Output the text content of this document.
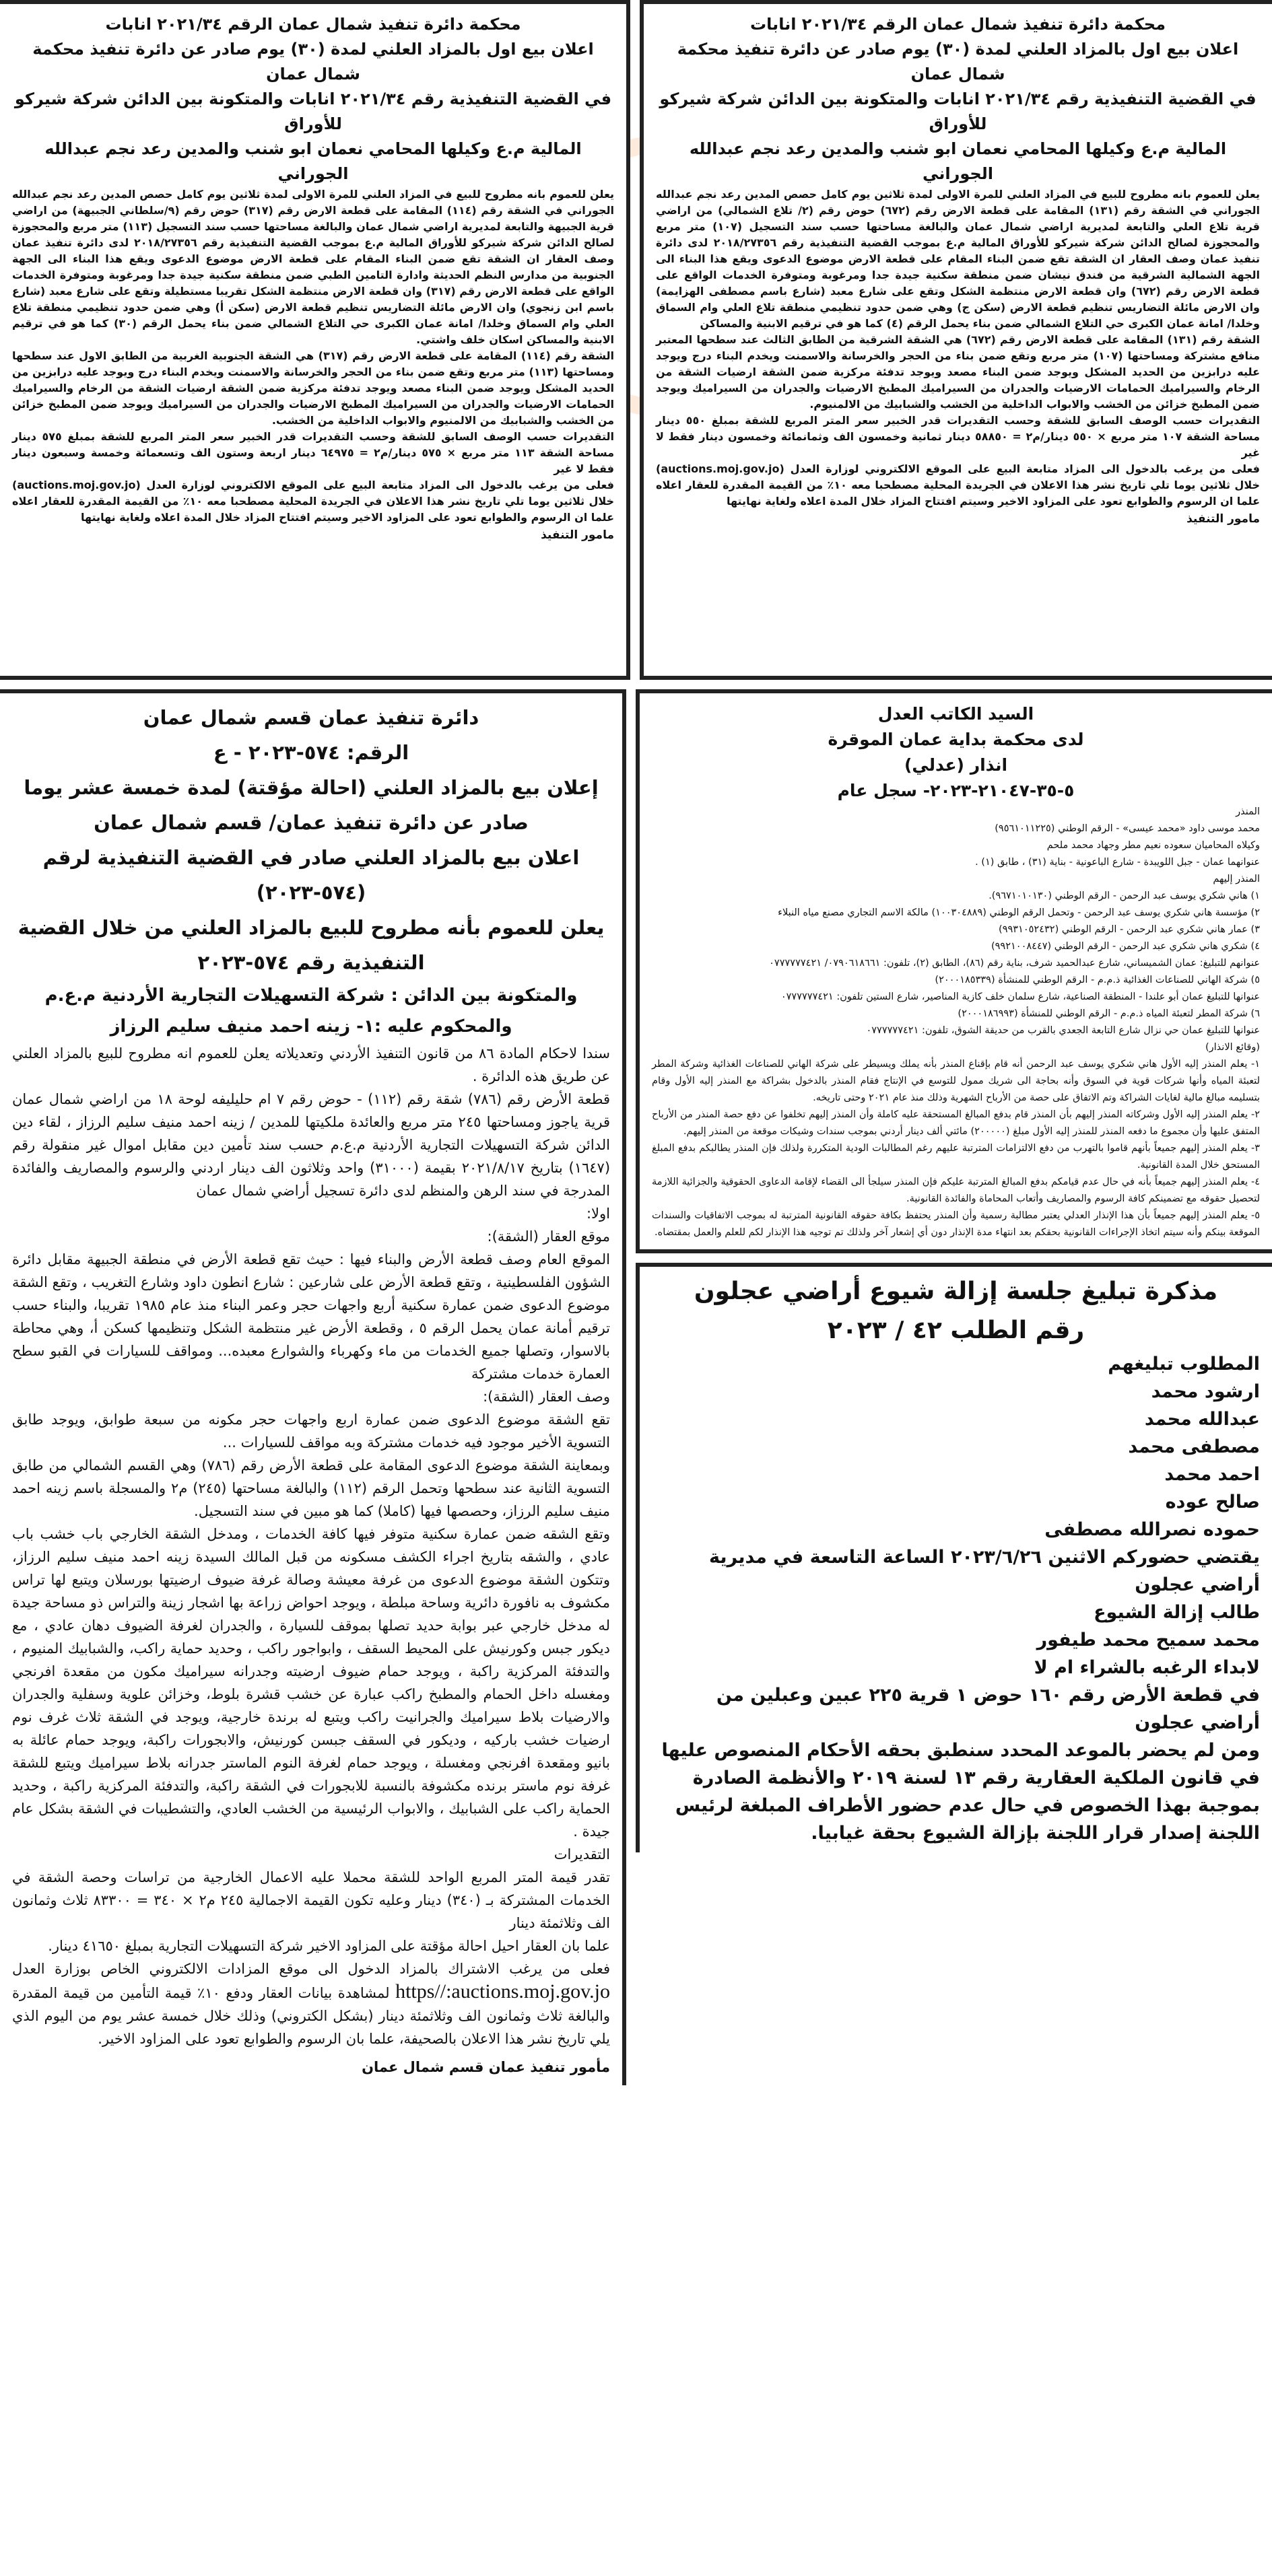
محكمة دائرة تنفيذ شمال عمان الرقم ٢٠٢١/٣٤ انابات
اعلان بيع اول بالمزاد العلني لمدة (٣٠) يوم صادر عن دائرة تنفيذ محكمة شمال عمان
في القضية التنفيذية رقم ٢٠٢١/٣٤ انابات والمتكونة بين الدائن شركة شيركو للأوراق
المالية م.ع وكيلها المحامي نعمان ابو شنب والمدين رعد نجم عبدالله الجوراني

يعلن للعموم بانه مطروح للبيع في المزاد العلني للمرة الاولى لمدة ثلاثين يوم كامل حصص المدين رعد نجم عبدالله الجوراني في الشقة رقم (١٣١) المقامة على قطعة الارض رقم (٦٧٢) حوض رقم (٢/ تلاع الشمالي) من اراضي قرية تلاع العلي والتابعة لمديرية اراضي شمال عمان والبالغة مساحتها حسب سند التسجيل (١٠٧) متر مربع والمحجوزة لصالح الدائن شركة شيركو للأوراق المالية م.ع بموجب القضية التنفيذية رقم ٢٠١٨/٢٧٣٥٦ لدى دائرة تنفيذ عمان وصف العقار ان الشقة تقع ضمن البناء المقام على قطعة الارض موضوع الدعوى ويقع هذا البناء الى الجهة الشمالية الشرقية من فندق نيشان ضمن منطقة سكنية جيدة جدا ومرغوبة ومتوفرة الخدمات الواقع على قطعة الارض رقم (٦٧٢) وان قطعة الارض منتظمة الشكل وتقع على شارع معبد (شارع باسم مصطفى الهزايمة) وان الارض مائلة التضاريس تنظيم قطعة الارض (سكن ج) وهي ضمن حدود تنظيمي منطقة تلاع العلي وام السماق وخلدا/ امانة عمان الكبرى حي التلاع الشمالي ضمن بناء يحمل الرقم (٤) كما هو في ترقيم الابنية والمساكن

الشقة رقم (١٣١) المقامة على قطعة الارض رقم (٦٧٢) هي الشقة الشرقية من الطابق الثالث عند سطحها المعتبر منافع مشتركة ومساحتها (١٠٧) متر مربع وتقع ضمن بناء من الحجر والخرسانة والاسمنت ويخدم البناء درج ويوجد عليه درابزين من الحديد المشكل ويوجد ضمن البناء مصعد ويوجد تدفئة مركزية ضمن الشقة ارضيات الشقة من الرخام والسيراميك الحمامات الارضيات والجدران من السيراميك المطبخ الارضيات والجدران من السيراميك ويوجد ضمن المطبخ خزائن من الخشب والابواب الداخلية من الخشب والشبابيك من الالمنيوم.

التقديرات حسب الوصف السابق للشقة وحسب التقديرات قدر الخبير سعر المتر المربع للشقة بمبلغ ٥٥٠ دينار مساحة الشقة ١٠٧ متر مربع × ٥٥٠ دينار/م٢ = ٥٨٨٥٠ دينار ثمانية وخمسون الف وثمانمائة وخمسون دينار فقط لا غير

فعلى من يرغب بالدخول الى المزاد متابعة البيع على الموقع الالكتروني لوزارة العدل (auctions.moj.gov.jo) خلال ثلاثين يوما تلي تاريخ نشر هذا الاعلان في الجريدة المحلية مصطحبا معه ١٠٪ من القيمة المقدرة للعقار اعلاه علما ان الرسوم والطوابع تعود على المزاود الاخير وسيتم افتتاح المزاد خلال المدة اعلاه ولغاية نهايتها

مامور التنفيذ
محكمة دائرة تنفيذ شمال عمان الرقم ٢٠٢١/٣٤ انابات
اعلان بيع اول بالمزاد العلني لمدة (٣٠) يوم صادر عن دائرة تنفيذ محكمة شمال عمان
في القضية التنفيذية رقم ٢٠٢١/٣٤ انابات والمتكونة بين الدائن شركة شيركو للأوراق
المالية م.ع وكيلها المحامي نعمان ابو شنب والمدين رعد نجم عبدالله الجوراني

يعلن للعموم بانه مطروح للبيع في المزاد العلني للمرة الاولى لمدة ثلاثين يوم كامل حصص المدين رعد نجم عبدالله الجوراني في الشقة رقم (١١٤) المقامة على قطعة الارض رقم (٣١٧) حوض رقم (٩/سلطاني الجبيهة) من اراضي قرية الجبيهة والتابعة لمديرية اراضي شمال عمان والبالغة مساحتها حسب سند التسجيل (١١٣) متر مربع والمحجوزة لصالح الدائن شركة شيركو للأوراق المالية م.ع بموجب القضية التنفيذية رقم ٢٠١٨/٢٧٣٥٦ لدى دائرة تنفيذ عمان وصف العقار ان الشقة تقع ضمن البناء المقام على قطعة الارض موضوع الدعوى ويقع هذا البناء الى الجهة الجنوبية من مدارس النظم الحديثة وادارة التامين الطبي ضمن منطقة سكنية جيدة جدا ومرغوبة ومتوفرة الخدمات الواقع على قطعة الارض رقم (٣١٧) وان قطعة الارض منتظمة الشكل تقريبا مستطيلة وتقع على شارع معبد (شارع باسم ابن زنجوي) وان الارض مائلة التضاريس تنظيم قطعة الارض (سكن أ) وهي ضمن حدود تنظيمي منطقة تلاع العلي وام السماق وخلدا/ امانة عمان الكبرى حي التلاع الشمالي ضمن بناء يحمل الرقم (٣٠) كما هو في ترقيم الابنية والمساكن اسكان خلف واشتي.

الشقة رقم (١١٤) المقامة على قطعة الارض رقم (٣١٧) هي الشقة الجنوبية الغربية من الطابق الاول عند سطحها ومساحتها (١١٣) متر مربع وتقع ضمن بناء من الحجر والخرسانة والاسمنت ويخدم البناء درج ويوجد عليه درابزين من الحديد المشكل ويوجد ضمن البناء مصعد ويوجد تدفئة مركزية ضمن الشقة ارضيات الشقة من الرخام والسيراميك الحمامات الارضيات والجدران من السيراميك المطبخ الارضيات والجدران من السيراميك ويوجد ضمن المطبخ خزائن من الخشب والشبابيك من الالمنيوم والابواب الداخلية من الخشب.

التقديرات حسب الوصف السابق للشقة وحسب التقديرات قدر الخبير سعر المتر المربع للشقة بمبلغ ٥٧٥ دينار مساحة الشقة ١١٣ متر مربع × ٥٧٥ دينار/م٢ = ٦٤٩٧٥ دينار اربعة وستون الف وتسعمائة وخمسة وسبعون دينار فقط لا غير

فعلى من يرغب بالدخول الى المزاد متابعة البيع على الموقع الالكتروني لوزارة العدل (auctions.moj.gov.jo) خلال ثلاثين يوما تلي تاريخ نشر هذا الاعلان في الجريدة المحلية مصطحبا معه ١٠٪ من القيمة المقدرة للعقار اعلاه علما ان الرسوم والطوابع تعود على المزاود الاخير وسيتم افتتاح المزاد خلال المدة اعلاه ولغاية نهايتها

مامور التنفيذ
السيد الكاتب العدل
لدى محكمة بداية عمان الموقرة
انذار (عدلي)
٥-٣٥-٢١٠٤٧-٢٠٢٣- سجل عام
المنذر
محمد موسى داود «محمد عيسى» - الرقم الوطني (٩٥٦١٠١١٢٢٥)
وكيلاه المحاميان سعوده نعيم مطر وجهاد محمد ملحم
عنوانهما عمان - جبل اللويبدة - شارع الباعونية - بناية (٣١) ، طابق (١) .
المنذر إليهم
١) هاني شكري يوسف عبد الرحمن - الرقم الوطني (٩٦٧١٠١٠١٣٠).
٢) مؤسسة هاني شكري يوسف عبد الرحمن - وتحمل الرقم الوطني (١٠٠٣٠٤٨٨٩) مالكة الاسم التجاري مصنع مياه النبلاء
٣) عمار هاني شكري عبد الرحمن - الرقم الوطني (٩٩٣١٠٥٢٤٣٢)
٤) شكري هاني شكري عبد الرحمن - الرقم الوطني (٩٩٢١٠٠٨٤٤٧)
عنوانهم للتبليغ: عمان الشميساني، شارع عبدالحميد شرف، بناية رقم (٨٦)، الطابق (٢)، تلفون: ٠٧٩٠٦١٨٦٦١/ ٠٧٧٧٧٧٧٤٢١
٥) شركة الهاني للصناعات الغذائية ذ.م.م - الرقم الوطني للمنشأة (٢٠٠٠١٨٥٣٣٩)
عنوانها للتبليغ عمان أبو علندا - المنطقة الصناعية، شارع سلمان خلف كازية المناصير، شارع الستين تلفون: ٠٧٧٧٧٧٧٤٢١
٦) شركة المطر لتعبئة المياه ذ.م.م - الرقم الوطني للمنشأة (٢٠٠٠١٨٦٩٩٣)
عنوانها للتبليغ عمان حي نزال شارع التابعة الجعدي بالقرب من حديقة الشوق، تلفون: ٠٧٧٧٧٧٧٤٢١
(وقائع الانذار)
١- يعلم المنذر إليه الأول هاني شكري يوسف عبد الرحمن أنه قام بإقناع المنذر بأنه يملك ويسيطر على شركة الهاني للصناعات الغذائية وشركة المطر لتعبئة المياه وأنها شركات قوية في السوق وأنه بحاجة الى شريك ممول للتوسع في الإنتاج فقام المنذر بالدخول بشراكة مع المنذر إليه الأول وقام بتسليمه مبالغ مالية لغايات الشراكة وتم الاتفاق على حصة من الأرباح الشهرية وذلك منذ عام ٢٠٢١ وحتى تاريخه.
٢- يعلم المنذر إليه الأول وشركاته المنذر إليهم بأن المنذر قام بدفع المبالغ المستحقة عليه كاملة وأن المنذر إليهم تخلفوا عن دفع حصة المنذر من الأرباح المتفق عليها وأن مجموع ما دفعه المنذر للمنذر إليه الأول مبلغ (٢٠٠٠٠٠) مائتي ألف دينار أردني بموجب سندات وشيكات موقعة من المنذر إليهم.
٣- يعلم المنذر إليهم جميعاً بأنهم قاموا بالتهرب من دفع الالتزامات المترتبة عليهم رغم المطالبات الودية المتكررة ولذلك فإن المنذر يطالبكم بدفع المبلغ المستحق خلال المدة القانونية.
٤- يعلم المنذر إليهم جميعاً بأنه في حال عدم قيامكم بدفع المبالغ المترتبة عليكم فإن المنذر سيلجأ الى القضاء لإقامة الدعاوى الحقوقية والجزائية اللازمة لتحصيل حقوقه مع تضمينكم كافة الرسوم والمصاريف وأتعاب المحاماة والفائدة القانونية.
٥- يعلم المنذر إليهم جميعاً بأن هذا الإنذار العدلي يعتبر مطالبة رسمية وأن المنذر يحتفظ بكافة حقوقه القانونية المترتبة له بموجب الاتفاقيات والسندات الموقعة بينكم وأنه سيتم اتخاذ الإجراءات القانونية بحقكم بعد انتهاء مدة الإنذار دون أي إشعار آخر ولذلك تم توجيه هذا الإنذار لكم للعلم والعمل بمقتضاه.
مذكرة تبليغ جلسة إزالة شيوع أراضي عجلون
رقم الطلب ٤٢ / ٢٠٢٣
المطلوب تبليغهم
ارشود محمد
عبدالله محمد
مصطفى محمد
احمد محمد
صالح عوده
حموده نصرالله مصطفى
يقتضي حضوركم الاثنين ٢٠٢٣/٦/٢٦ الساعة التاسعة في مديرية أراضي عجلون
طالب إزالة الشيوع
محمد سميح محمد طيفور
لابداء الرغبه بالشراء ام لا
في قطعة الأرض رقم ١٦٠ حوض ١ قرية ٢٢٥ عبين وعبلين من أراضي عجلون
ومن لم يحضر بالموعد المحدد سنطبق بحقه الأحكام المنصوص عليها في قانون الملكية العقارية رقم ١٣ لسنة ٢٠١٩ والأنظمة الصادرة بموجبة بهذا الخصوص في حال عدم حضور الأطراف المبلغة لرئيس اللجنة إصدار قرار اللجنة بإزالة الشيوع بحقة غيابيا.
دائرة تنفيذ عمان قسم شمال عمان
الرقم: ٥٧٤-٢٠٢٣ - ع
إعلان بيع بالمزاد العلني (احالة مؤقتة) لمدة خمسة عشر يوما صادر عن دائرة تنفيذ عمان/ قسم شمال عمان
اعلان بيع بالمزاد العلني صادر في القضية التنفيذية لرقم (٥٧٤-٢٠٢٣)
يعلن للعموم بأنه مطروح للبيع بالمزاد العلني من خلال القضية التنفيذية رقم ٥٧٤-٢٠٢٣
والمتكونة بين الدائن : شركة التسهيلات التجارية الأردنية م.ع.م
والمحكوم عليه :١- زينه احمد منيف سليم الرزاز

سندا لاحكام المادة ٨٦ من قانون التنفيذ الأردني وتعديلاته يعلن للعموم انه مطروح للبيع بالمزاد العلني عن طريق هذه الدائرة .

قطعة الأرض رقم (٧٨٦) شقة رقم (١١٢) - حوض رقم ٧ ام حليليفه لوحة ١٨ من اراضي شمال عمان قرية ياجوز ومساحتها ٢٤٥ متر مربع والعائدة ملكيتها للمدين / زينه احمد منيف سليم الرزاز ، لقاء دين الدائن شركة التسهيلات التجارية الأردنية م.ع.م حسب سند تأمين دين مقابل اموال غير منقولة رقم (١٦٤٧) بتاريخ ٢٠٢١/٨/١٧ بقيمة (٣١٠٠٠) واحد وثلاثون الف دينار اردني والرسوم والمصاريف والفائدة المدرجة في سند الرهن والمنظم لدى دائرة تسجيل أراضي شمال عمان

اولا:

موقع العقار (الشقة):

الموقع العام وصف قطعة الأرض والبناء فيها : حيث تقع قطعة الأرض في منطقة الجبيهة مقابل دائرة الشؤون الفلسطينية ، وتقع قطعة الأرض على شارعين : شارع انطون داود وشارع التغريب ، وتقع الشقة موضوع الدعوى ضمن عمارة سكنية أربع واجهات حجر وعمر البناء منذ عام ١٩٨٥ تقريبا، والبناء حسب ترقيم أمانة عمان يحمل الرقم ٥ ، وقطعة الأرض غير منتظمة الشكل وتنظيمها كسكن أ، وهي محاطة بالاسوار، وتصلها جميع الخدمات من ماء وكهرباء والشوارع معبده... ومواقف للسيارات في القبو سطح العمارة خدمات مشتركة

وصف العقار (الشقة):

تقع الشقة موضوع الدعوى ضمن عمارة اربع واجهات حجر مكونه من سبعة طوابق، ويوجد طابق التسوية الأخير موجود فيه خدمات مشتركة وبه مواقف للسيارات ...

وبمعاينة الشقة موضوع الدعوى المقامة على قطعة الأرض رقم (٧٨٦) وهي القسم الشمالي من طابق التسوية الثانية عند سطحها وتحمل الرقم (١١٢) والبالغة مساحتها (٢٤٥) م٢ والمسجلة باسم زينه احمد منيف سليم الرزاز، وحصصها فيها (كاملا) كما هو مبين في سند التسجيل.

وتقع الشقه ضمن عمارة سكنية متوفر فيها كافة الخدمات ، ومدخل الشقة الخارجي باب خشب باب عادي ، والشقه بتاريخ اجراء الكشف مسكونه من قبل المالك السيدة زينه احمد منيف سليم الرزاز، وتتكون الشقة موضوع الدعوى من غرفة معيشة وصالة غرفة ضيوف ارضيتها بورسلان ويتبع لها تراس مكشوف به نافورة دائرية وساحة مبلطة ، ويوجد احواض زراعة بها اشجار زينة والتراس ذو مساحة جيدة له مدخل خارجي عبر بوابة حديد تصلها بموقف للسيارة ، والجدران لغرفة الضيوف دهان عادي ، مع ديكور جبس وكورنيش على المحيط السقف ، وابواجور راكب ، وحديد حماية راكب، والشبابيك المنيوم ، والتدفئة المركزية راكبة ، ويوجد حمام ضيوف ارضيته وجدرانه سيراميك مكون من مقعدة افرنجي ومغسله داخل الحمام والمطبخ راكب عبارة عن خشب قشرة بلوط، وخزائن علوية وسفلية والجدران والارضيات بلاط سيراميك والجرانيت راكب ويتبع له برندة خارجية، ويوجد في الشقة ثلاث غرف نوم ارضيات خشب باركيه ، وديكور في السقف جبسن كورنيش، والابجورات راكبة، ويوجد حمام عائلة به بانيو ومقعدة افرنجي ومغسلة ، ويوجد حمام لغرفة النوم الماستر جدرانه بلاط سيراميك ويتبع للشقة غرفة نوم ماستر برنده مكشوفة بالنسبة للابجورات في الشقة راكبة، والتدفئة المركزية راكبة ، وحديد الحماية راكب على الشبابيك ، والابواب الرئيسية من الخشب العادي، والتشطيبات في الشقة بشكل عام جيدة .

التقديرات

تقدر قيمة المتر المربع الواحد للشقة محملا عليه الاعمال الخارجية من تراسات وحصة الشقة في الخدمات المشتركة بـ (٣٤٠) دينار وعليه تكون القيمة الاجمالية ٢٤٥ م٢ × ٣٤٠ = ٨٣٣٠٠ ثلاث وثمانون الف وثلاثمئة دينار

علما بان العقار احيل احالة مؤقتة على المزاود الاخير شركة التسهيلات التجارية بمبلغ ٤١٦٥٠ دينار.

فعلى من يرغب الاشتراك بالمزاد الدخول الى موقع المزادات الالكتروني الخاص بوزارة العدل https//:auctions.moj.gov.jo لمشاهدة بيانات العقار ودفع ١٠٪ قيمة التأمين من قيمة المقدرة والبالغة ثلاث وثمانون الف وثلاثمئة دينار (بشكل الكتروني) وذلك خلال خمسة عشر يوم من اليوم الذي يلي تاريخ نشر هذا الاعلان بالصحيفة، علما بان الرسوم والطوابع تعود على المزاود الاخير.

مأمور تنفيذ عمان قسم شمال عمان
